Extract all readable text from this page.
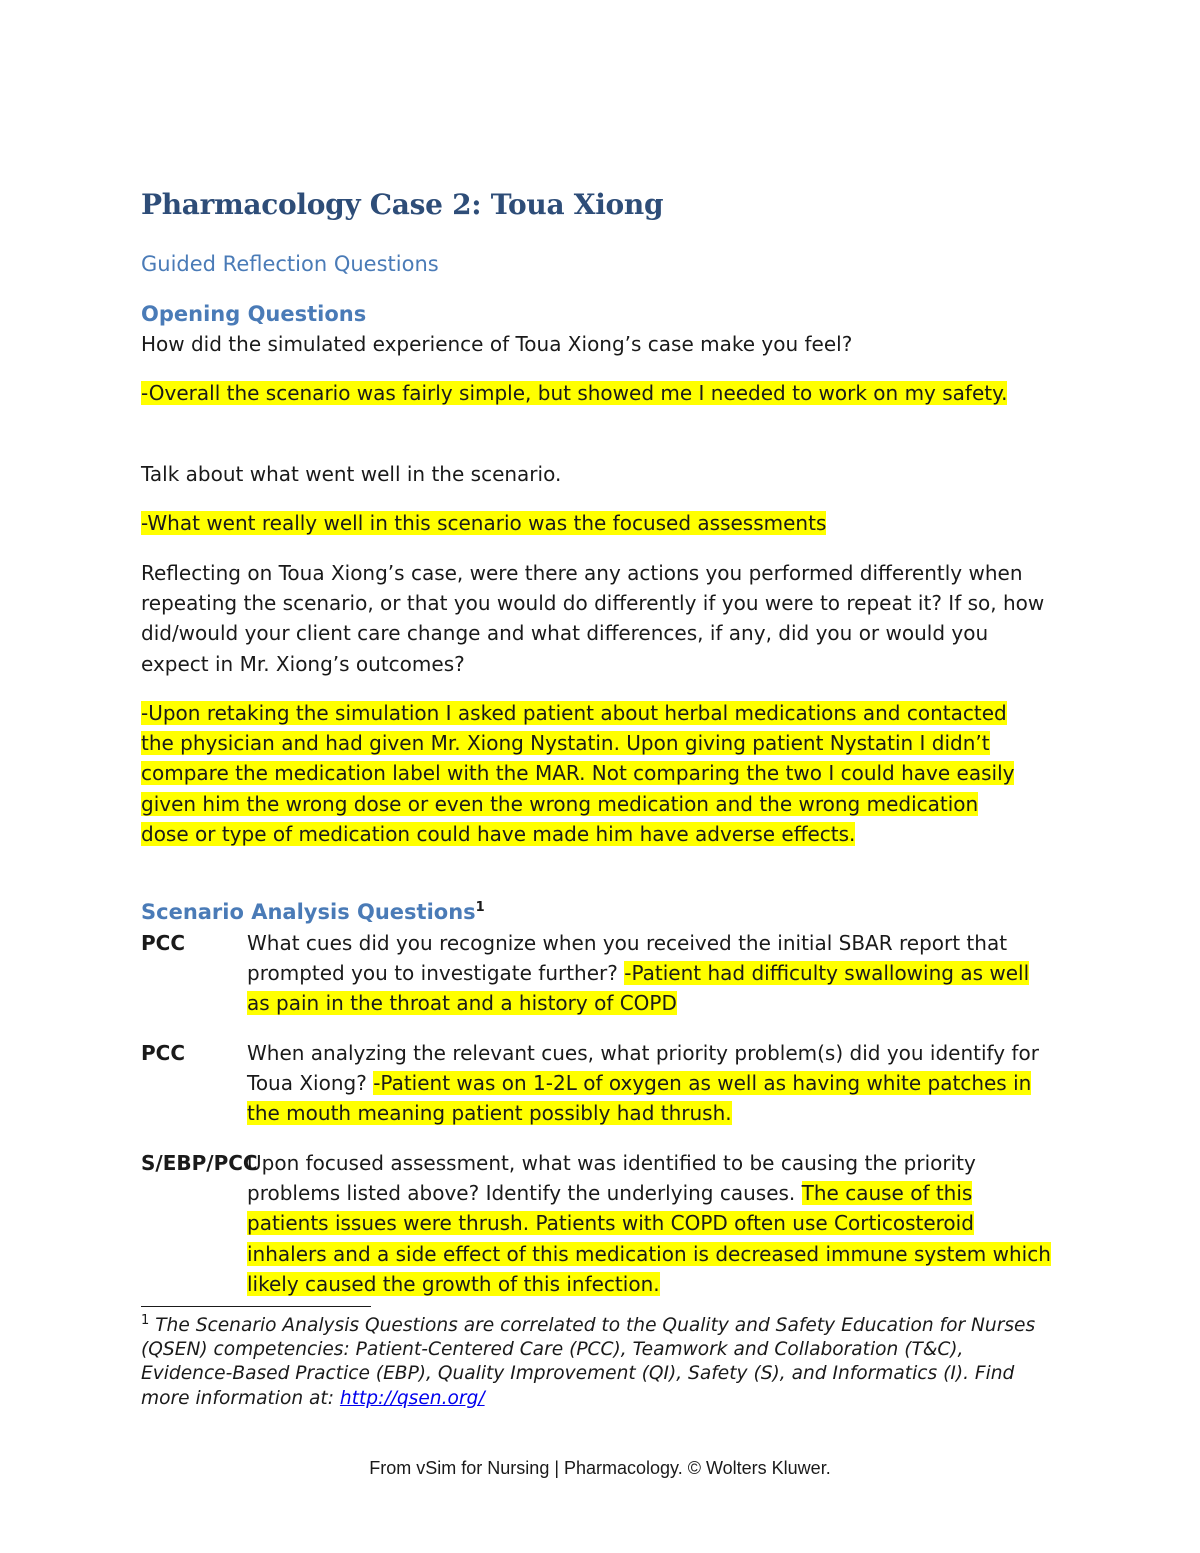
Pharmacology Case 2: Toua Xiong
Guided Reflection Questions
Opening Questions
How did the simulated experience of Toua Xiong’s case make you feel?
-Overall the scenario was fairly simple, but showed me I needed to work on my safety.
Talk about what went well in the scenario.
-What went really well in this scenario was the focused assessments
Reflecting on Toua Xiong’s case, were there any actions you performed differently when repeating the scenario, or that you would do differently if you were to repeat it? If so, how did/would your client care change and what differences, if any, did you or would you expect in Mr. Xiong’s outcomes?
-Upon retaking the simulation I asked patient about herbal medications and contacted the physician and had given Mr. Xiong Nystatin. Upon giving patient Nystatin I didn’t compare the medication label with the MAR. Not comparing the two I could have easily given him the wrong dose or even the wrong medication and the wrong medication dose or type of medication could have made him have adverse effects.
Scenario Analysis Questions$^1$
PCC	What cues did you recognize when you received the initial SBAR report that prompted you to investigate further? -Patient had difficulty swallowing as well as pain in the throat and a history of COPD
PCC	When analyzing the relevant cues, what priority problem(s) did you identify for Toua Xiong? -Patient was on 1-2L of oxygen as well as having white patches in the mouth meaning patient possibly had thrush.
S/EBP/PCC
Upon focused assessment, what was identified to be causing the priority problems listed above? Identify the underlying causes. The cause of this patients issues were thrush. Patients with COPD often use Corticosteroid inhalers and a side effect of this medication is decreased immune system which likely caused the growth of this infection.
$^1$ The Scenario Analysis Questions are correlated to the Quality and Safety Education for Nurses (QSEN) competencies: Patient-Centered Care (PCC), Teamwork and Collaboration (T&C), Evidence-Based Practice (EBP), Quality Improvement (QI), Safety (S), and Informatics (I). Find more information at: http://qsen.org/
From vSim for Nursing | Pharmacology. © Wolters Kluwer.
